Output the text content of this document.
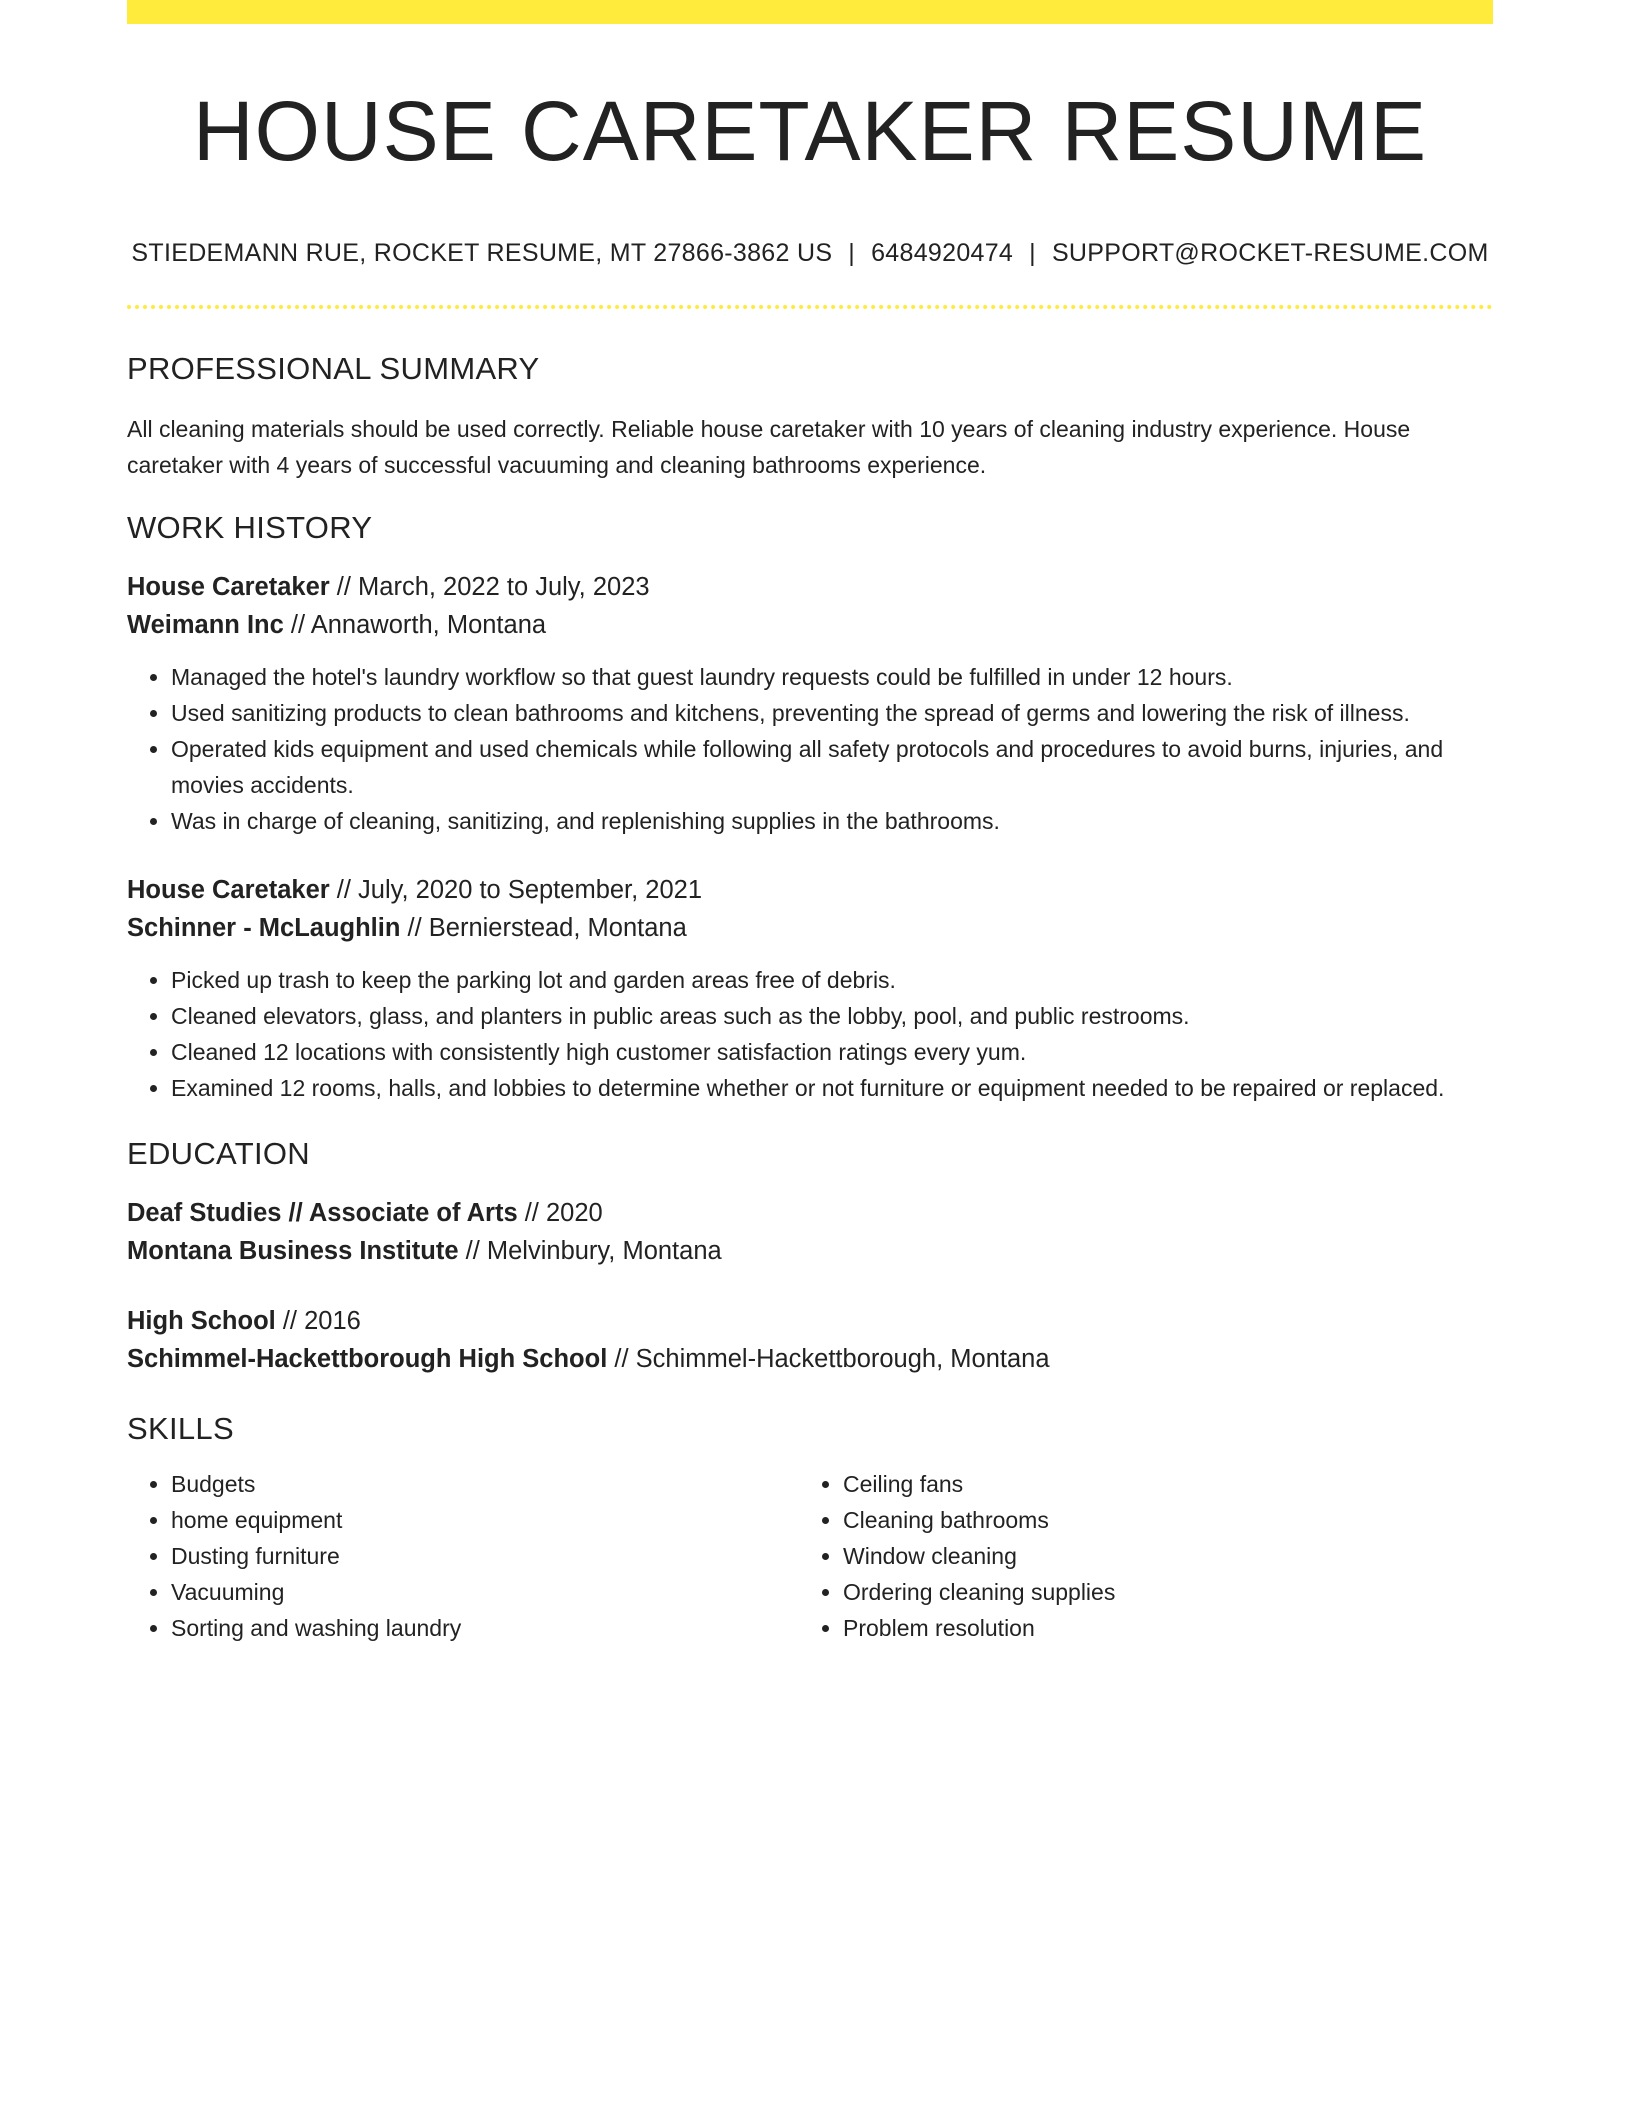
HOUSE CARETAKER RESUME
STIEDEMANN RUE, ROCKET RESUME, MT 27866-3862 US | 6484920474 | SUPPORT@ROCKET-RESUME.COM
PROFESSIONAL SUMMARY
All cleaning materials should be used correctly. Reliable house caretaker with 10 years of cleaning industry experience. House caretaker with 4 years of successful vacuuming and cleaning bathrooms experience.
WORK HISTORY
House Caretaker // March, 2022 to July, 2023
Weimann Inc // Annaworth, Montana
• Managed the hotel's laundry workflow so that guest laundry requests could be fulfilled in under 12 hours.
• Used sanitizing products to clean bathrooms and kitchens, preventing the spread of germs and lowering the risk of illness.
• Operated kids equipment and used chemicals while following all safety protocols and procedures to avoid burns, injuries, and movies accidents.
• Was in charge of cleaning, sanitizing, and replenishing supplies in the bathrooms.
House Caretaker // July, 2020 to September, 2021
Schinner - McLaughlin // Bernierstead, Montana
• Picked up trash to keep the parking lot and garden areas free of debris.
• Cleaned elevators, glass, and planters in public areas such as the lobby, pool, and public restrooms.
• Cleaned 12 locations with consistently high customer satisfaction ratings every yum.
• Examined 12 rooms, halls, and lobbies to determine whether or not furniture or equipment needed to be repaired or replaced.
EDUCATION
Deaf Studies // Associate of Arts // 2020
Montana Business Institute // Melvinbury, Montana
High School // 2016
Schimmel-Hackettborough High School // Schimmel-Hackettborough, Montana
SKILLS
• Budgets
• home equipment
• Dusting furniture
• Vacuuming
• Sorting and washing laundry
• Ceiling fans
• Cleaning bathrooms
• Window cleaning
• Ordering cleaning supplies
• Problem resolution
